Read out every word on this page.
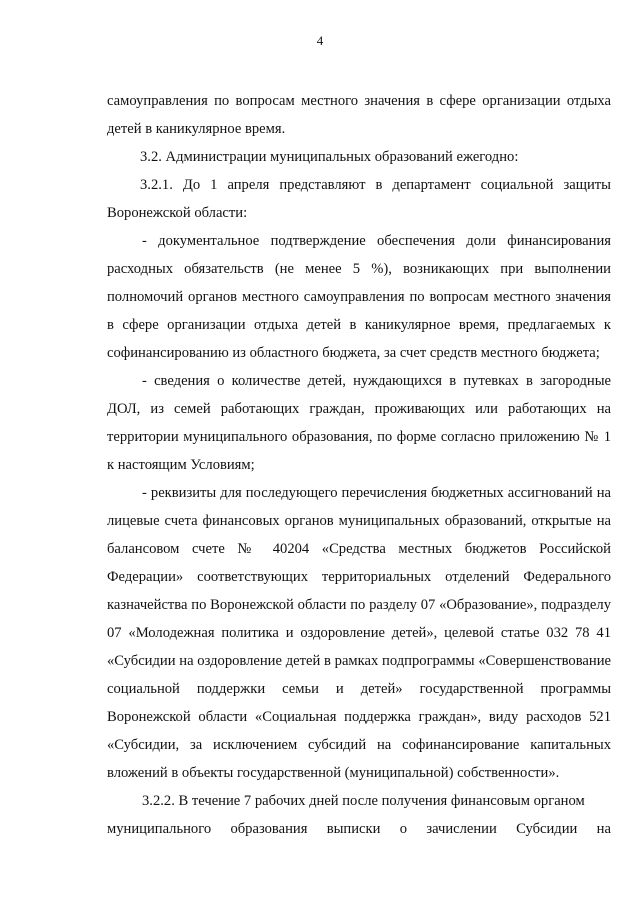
4

самоуправления по вопросам местного значения в сфере организации отдыха детей в каникулярное время.

3.2. Администрации муниципальных образований ежегодно:

3.2.1. До 1 апреля представляют в департамент социальной защиты Воронежской области:

- документальное подтверждение обеспечения доли финансирования расходных обязательств (не менее 5 %), возникающих при выполнении полномочий органов местного самоуправления по вопросам местного значения в сфере организации отдыха детей в каникулярное время, предлагаемых к софинансированию из областного бюджета, за счет средств местного бюджета;

- сведения о количестве детей, нуждающихся в путевках в загородные ДОЛ, из семей работающих граждан, проживающих или работающих на территории муниципального образования, по форме согласно приложению № 1 к настоящим Условиям;

- реквизиты для последующего перечисления бюджетных ассигнований на лицевые счета финансовых органов муниципальных образований, открытые на балансовом счете № 40204 «Средства местных бюджетов Российской Федерации» соответствующих территориальных отделений Федерального казначейства по Воронежской области по разделу 07 «Образование», подразделу 07 «Молодежная политика и оздоровление детей», целевой статье 032 78 41 «Субсидии на оздоровление детей в рамках подпрограммы «Совершенствование социальной поддержки семьи и детей» государственной программы Воронежской области «Социальная поддержка граждан», виду расходов 521 «Субсидии, за исключением субсидий на софинансирование капитальных вложений в объекты государственной (муниципальной) собственности».

3.2.2. В течение 7 рабочих дней после получения финансовым органом

муниципального образования выписки о зачислении Субсидии на
